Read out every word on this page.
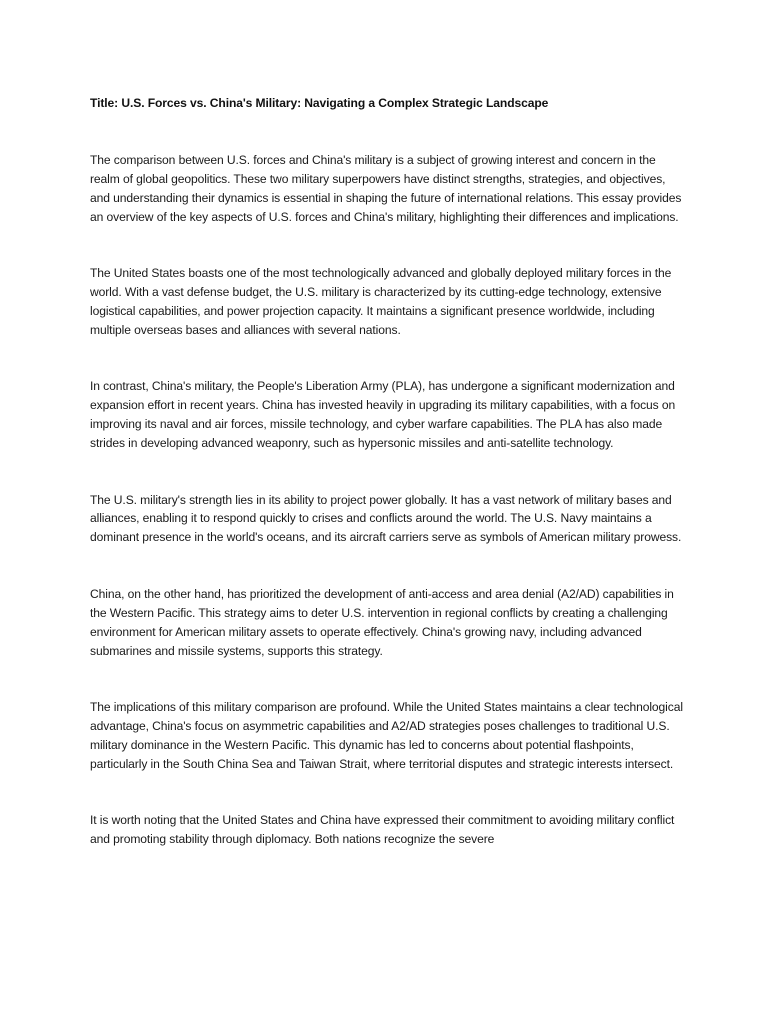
Title: U.S. Forces vs. China's Military: Navigating a Complex Strategic Landscape

The comparison between U.S. forces and China's military is a subject of growing interest and concern in the realm of global geopolitics. These two military superpowers have distinct strengths, strategies, and objectives, and understanding their dynamics is essential in shaping the future of international relations. This essay provides an overview of the key aspects of U.S. forces and China's military, highlighting their differences and implications.

The United States boasts one of the most technologically advanced and globally deployed military forces in the world. With a vast defense budget, the U.S. military is characterized by its cutting-edge technology, extensive logistical capabilities, and power projection capacity. It maintains a significant presence worldwide, including multiple overseas bases and alliances with several nations.

In contrast, China's military, the People's Liberation Army (PLA), has undergone a significant modernization and expansion effort in recent years. China has invested heavily in upgrading its military capabilities, with a focus on improving its naval and air forces, missile technology, and cyber warfare capabilities. The PLA has also made strides in developing advanced weaponry, such as hypersonic missiles and anti-satellite technology.

The U.S. military's strength lies in its ability to project power globally. It has a vast network of military bases and alliances, enabling it to respond quickly to crises and conflicts around the world. The U.S. Navy maintains a dominant presence in the world's oceans, and its aircraft carriers serve as symbols of American military prowess.

China, on the other hand, has prioritized the development of anti-access and area denial (A2/AD) capabilities in the Western Pacific. This strategy aims to deter U.S. intervention in regional conflicts by creating a challenging environment for American military assets to operate effectively. China's growing navy, including advanced submarines and missile systems, supports this strategy.

The implications of this military comparison are profound. While the United States maintains a clear technological advantage, China's focus on asymmetric capabilities and A2/AD strategies poses challenges to traditional U.S. military dominance in the Western Pacific. This dynamic has led to concerns about potential flashpoints, particularly in the South China Sea and Taiwan Strait, where territorial disputes and strategic interests intersect.

It is worth noting that the United States and China have expressed their commitment to avoiding military conflict and promoting stability through diplomacy. Both nations recognize the severe
